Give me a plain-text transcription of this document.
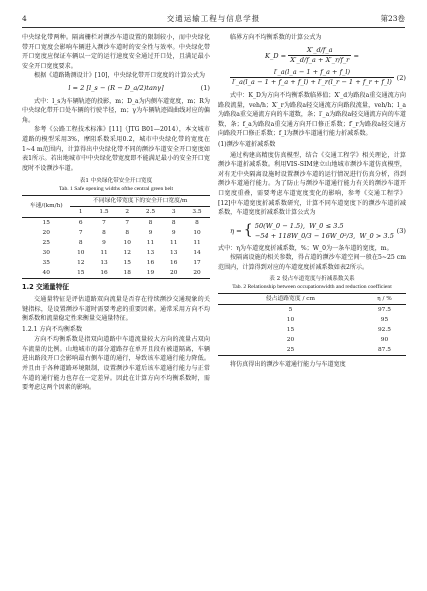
4	交通运输工程与信息学报	第23卷

中央绿化带两种。隔离栅栏对濒沙车道设置的限制较小，而中央绿化带开口宽度会影响车辆进入濒沙车道时的安全性与效率。中央绿化带开口宽度应保证车辆以一定的运行速度安全通过开口处，且满足最小安全开口宽度要求。

根据《道路勘测设计》[10]，中央绿化带开口宽度的计算公式为

l = 2 [l_s − (R − D_a/2)tanγ]	(1)

式中：l_s为车辆轨迹的投影，m；D_a为内侧车道宽度，m；R为中央绿化带开口处车辆的行驶半径，m；γ为车辆轨迹圆曲线对应的偏角。

参考《公路工程技术标准》[11]（JTG B01—2014），本文城市道路的模型采用3%，摩阻系数采用0.2，城市中央绿化带的宽度在1~4 m范围内，计算得出中央绿化带不同的濒沙车道安全开口宽度如表1所示。若出地城市中中央绿化带宽度即不能满足最小的安全开口宽度时不设濒沙车道。

表1 中央绿化带安全开口宽度
Tab. 1 Safe opening widths ofthe central green belt
车速/(km/h)	不同绿化带宽度下的安全开口宽度/m					
	1	1.5	2	2.5	3	3.5
15	6	7	7	8	8	8
20	7	8	8	9	9	10
25	8	9	10	11	11	11
30	10	11	12	13	13	14
35	12	13	15	16	16	17
40	15	16	18	19	20	20
1.2 交通量特征

交通量特征是评估道路双向流量是否存在待续濒沙交通现象的关键指标，是设置濒沙车道时需要考虑的重要因素。通常采用方向不均衡系数和流量稳定性来衡量交通量特征。

1.2.1 方向不均衡系数

方向不均衡系数是指双向道路中车道流量较大方向的流量占双向车流量的比例。山地城市的部分道路存在单开且段有被道隔离，车辆进出路段开口会影响最右侧车道的通行，导致该车道通行能力降低。并且由于各种道路环境限制，设置濒沙车道后该车道通行能力与正常车道的通行能力也存在一定差异。因此在计算方向不均衡系数时，需要考虑这两个因素的影响。

临界方向不均衡系数的计算公式为

K_D = $\frac{X'\_d/f\_a}{X'\_d/f\_a + X'\_r/f\_r}$ =
$\frac{l'\_a(l\_a - 1 + f\_a + f\_l)}{l'\_a(l\_a - 1 + f\_a + f\_l) + l'\_r(l\_r - 1 + f\_r + f\_l)} (2)$

式中：K_D为方向不均衡系数临界值；X′_d为路段a重交通流方向路段流量，veh/h；X′_r为路段a轻交通流方向路段流量，veh/h；l_a为路段a重交通流方向的车道数，条；l′_a为路段a轻交通流方向的车道数，条；f_a为路段a重交通方向开口修正系数；f′_r为路段a轻交通方向路段开口修正系数；f_l为濒沙车道通行能力折减系数。

(1)濒沙车道折减系数

通过构建高精度仿真模型，结合《交通工程学》相关理论，计算濒沙车道折减系数。利用VIS-SIM建立山地城市濒沙车道仿真模型，对有无中央隔离设施时设置濒沙车道的运行情况进行仿真分析，得到濒沙车道通行能力。为了防止与濒沙车道通行能力有关的濒沙车道开口宽度重叠，需要考虑车道宽度变化的影响，参考《交通工程学》[12]中车道宽度折减系数研究，计算不同车道宽度下的濒沙车道折减系数，车道宽度折减系数计算公式为

η = { 50(W_0 − 1.5),  W_0 ≤ 3.5
−54 + 118W_0/3 − 16W_0²/3,  W_0 > 3.5
(3)

式中：η为车道宽度折减系数，%；W_0为一条车道的宽度，m。

按隔离设施的相关参数，得占道的濒沙车道空间一般在5~25 cm范围内，计算得到对应的车道宽度折减系数如表2所示。

表 2 侵占车道宽度与折减系数关系
Tab. 2 Relationship between occupationwidth and reduction coefficient
侵占道路宽度 / cm	η / %
5	97.5
10	95
15	92.5
20	90
25	87.5

将仿真得出的濒沙车道通行能力与车道宽度
